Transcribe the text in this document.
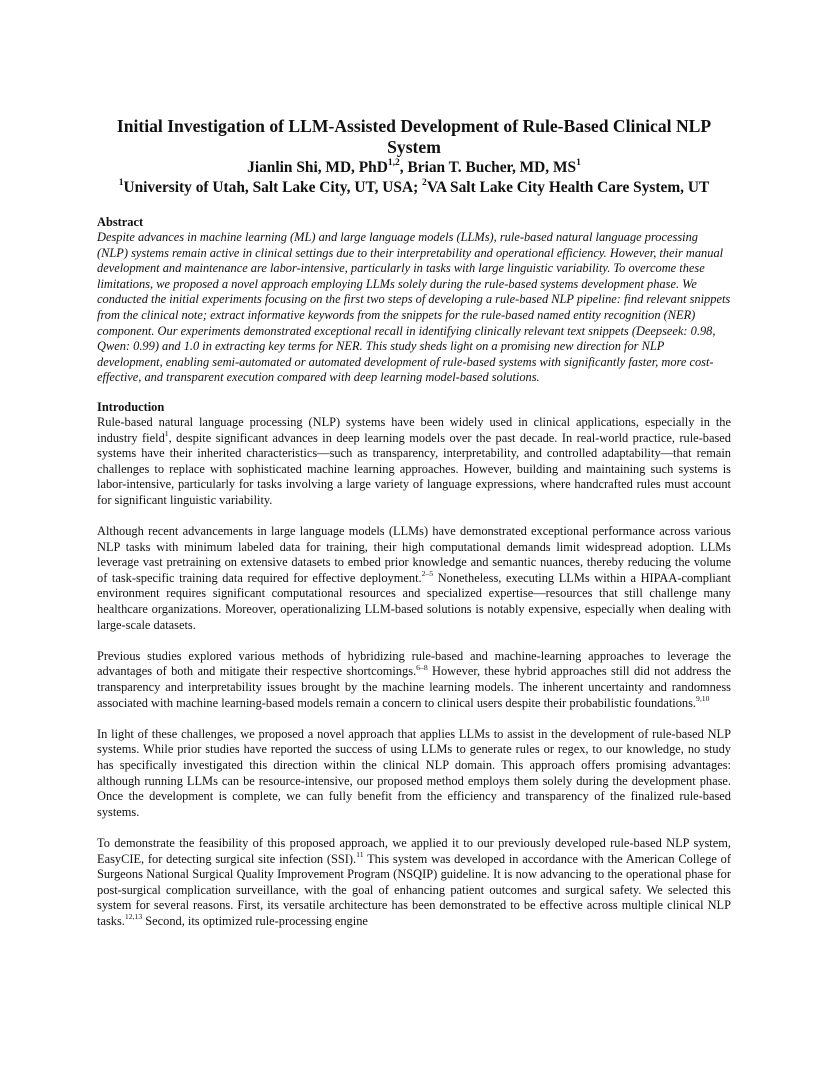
Initial Investigation of LLM-Assisted Development of Rule-Based Clinical NLP System

Jianlin Shi, MD, PhD$^{1,2}$, Brian T. Bucher, MD, $MS^1$

$^1$University of Utah, Salt Lake City, UT, USA; $^2$VA Salt Lake City Health Care System, UT

Abstract

Despite advances in machine learning (ML) and large language models (LLMs), rule-based natural language processing (NLP) systems remain active in clinical settings due to their interpretability and operational efficiency. However, their manual development and maintenance are labor-intensive, particularly in tasks with large linguistic variability. To overcome these limitations, we proposed a novel approach employing LLMs solely during the rule-based systems development phase. We conducted the initial experiments focusing on the first two steps of developing a rule-based NLP pipeline: find relevant snippets from the clinical note; extract informative keywords from the snippets for the rule-based named entity recognition (NER) component. Our experiments demonstrated exceptional recall in identifying clinically relevant text snippets (Deepseek: 0.98, Qwen: 0.99) and 1.0 in extracting key terms for NER. This study sheds light on a promising new direction for NLP development, enabling semi-automated or automated development of rule-based systems with significantly faster, more cost-effective, and transparent execution compared with deep learning model-based solutions.

Introduction

Rule-based natural language processing (NLP) systems have been widely used in clinical applications, especially in the industry field$^1$, despite significant advances in deep learning models over the past decade. In real-world practice, rule-based systems have their inherited characteristics—such as transparency, interpretability, and controlled adaptability—that remain challenges to replace with sophisticated machine learning approaches. However, building and maintaining such systems is labor-intensive, particularly for tasks involving a large variety of language expressions, where handcrafted rules must account for significant linguistic variability.

Although recent advancements in large language models (LLMs) have demonstrated exceptional performance across various NLP tasks with minimum labeled data for training, their high computational demands limit widespread adoption. LLMs leverage vast pretraining on extensive datasets to embed prior knowledge and semantic nuances, thereby reducing the volume of task-specific training data required for effective deployment.$^{2-5}$ Nonetheless, executing LLMs within a HIPAA-compliant environment requires significant computational resources and specialized expertise—resources that still challenge many healthcare organizations. Moreover, operationalizing LLM-based solutions is notably expensive, especially when dealing with large-scale datasets.

Previous studies explored various methods of hybridizing rule-based and machine-learning approaches to leverage the advantages of both and mitigate their respective shortcomings.$^{6-8}$ However, these hybrid approaches still did not address the transparency and interpretability issues brought by the machine learning models. The inherent uncertainty and randomness associated with machine learning-based models remain a concern to clinical users despite their probabilistic foundations.$^{9,10}$

In light of these challenges, we proposed a novel approach that applies LLMs to assist in the development of rule-based NLP systems. While prior studies have reported the success of using LLMs to generate rules or regex, to our knowledge, no study has specifically investigated this direction within the clinical NLP domain. This approach offers promising advantages: although running LLMs can be resource-intensive, our proposed method employs them solely during the development phase. Once the development is complete, we can fully benefit from the efficiency and transparency of the finalized rule-based systems.

To demonstrate the feasibility of this proposed approach, we applied it to our previously developed rule-based NLP system, EasyCIE, for detecting surgical site infection (SSI).$^{11}$ This system was developed in accordance with the American College of Surgeons National Surgical Quality Improvement Program (NSQIP) guideline. It is now advancing to the operational phase for post-surgical complication surveillance, with the goal of enhancing patient outcomes and surgical safety. We selected this system for several reasons. First, its versatile architecture has been demonstrated to be effective across multiple clinical NLP tasks.$^{12,13}$ Second, its optimized rule-processing engine
